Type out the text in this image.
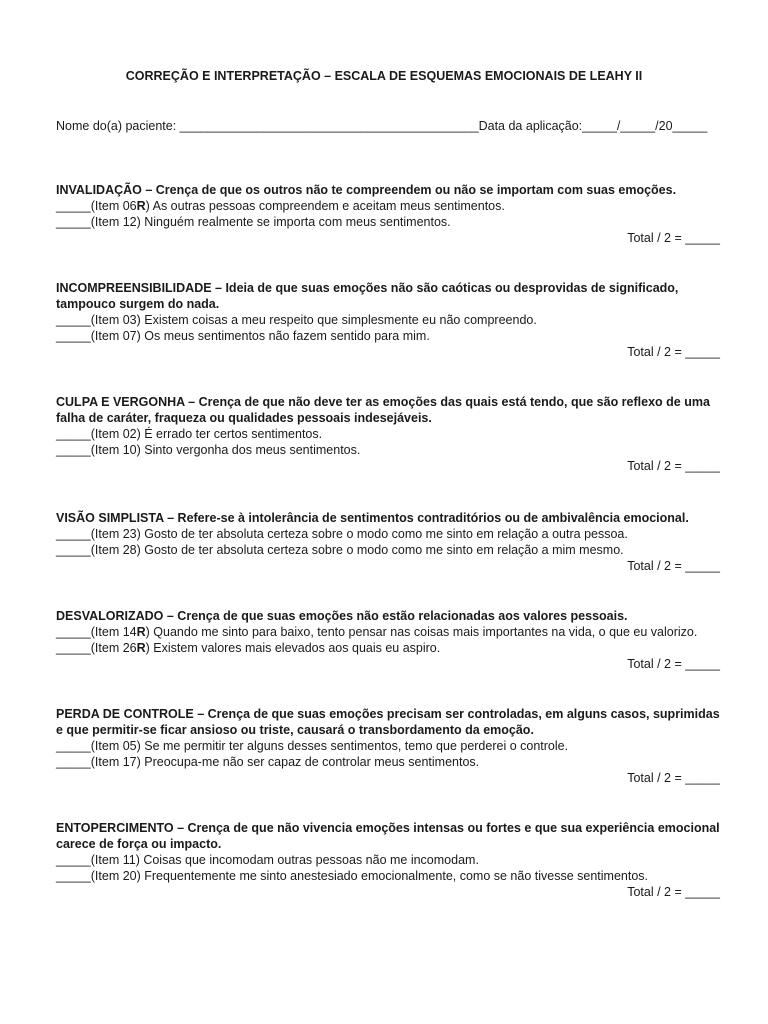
CORREÇÃO E INTERPRETAÇÃO – ESCALA DE ESQUEMAS EMOCIONAIS DE LEAHY II
Nome do(a) paciente: ___________________________________________Data da aplicação:_____/_____/20_____
INVALIDAÇÃO – Crença de que os outros não te compreendem ou não se importam com suas emoções.
_____(Item 06R) As outras pessoas compreendem e aceitam meus sentimentos.
_____(Item 12) Ninguém realmente se importa com meus sentimentos.
Total / 2 = _____
INCOMPREENSIBILIDADE – Ideia de que suas emoções não são caóticas ou desprovidas de significado, tampouco surgem do nada.
_____(Item 03) Existem coisas a meu respeito que simplesmente eu não compreendo.
_____(Item 07) Os meus sentimentos não fazem sentido para mim.
Total / 2 = _____
CULPA E VERGONHA – Crença de que não deve ter as emoções das quais está tendo, que são reflexo de uma falha de caráter, fraqueza ou qualidades pessoais indesejáveis.
_____(Item 02) É errado ter certos sentimentos.
_____(Item 10) Sinto vergonha dos meus sentimentos.
Total / 2 = _____
VISÃO SIMPLISTA – Refere-se à intolerância de sentimentos contraditórios ou de ambivalência emocional.
_____(Item 23) Gosto de ter absoluta certeza sobre o modo como me sinto em relação a outra pessoa.
_____(Item 28) Gosto de ter absoluta certeza sobre o modo como me sinto em relação a mim mesmo.
Total / 2 = _____
DESVALORIZADO – Crença de que suas emoções não estão relacionadas aos valores pessoais.
_____(Item 14R) Quando me sinto para baixo, tento pensar nas coisas mais importantes na vida, o que eu valorizo.
_____(Item 26R) Existem valores mais elevados aos quais eu aspiro.
Total / 2 = _____
PERDA DE CONTROLE – Crença de que suas emoções precisam ser controladas, em alguns casos, suprimidas e que permitir-se ficar ansioso ou triste, causará o transbordamento da emoção.
_____(Item 05) Se me permitir ter alguns desses sentimentos, temo que perderei o controle.
_____(Item 17) Preocupa-me não ser capaz de controlar meus sentimentos.
Total / 2 = _____
ENTOPERCIMENTO – Crença de que não vivencia emoções intensas ou fortes e que sua experiência emocional carece de força ou impacto.
_____(Item 11) Coisas que incomodam outras pessoas não me incomodam.
_____(Item 20) Frequentemente me sinto anestesiado emocionalmente, como se não tivesse sentimentos.
Total / 2 = _____
